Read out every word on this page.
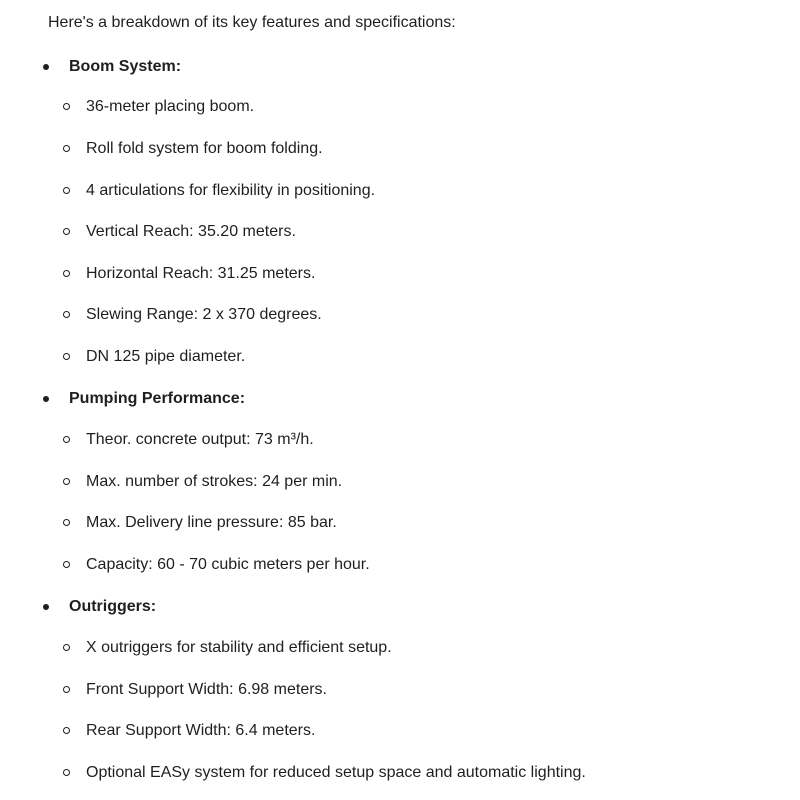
Here's a breakdown of its key features and specifications:
Boom System:
36-meter placing boom.
Roll fold system for boom folding.
4 articulations for flexibility in positioning.
Vertical Reach: 35.20 meters.
Horizontal Reach: 31.25 meters.
Slewing Range: 2 x 370 degrees.
DN 125 pipe diameter.
Pumping Performance:
Theor. concrete output: 73 m³/h.
Max. number of strokes: 24 per min.
Max. Delivery line pressure: 85 bar.
Capacity: 60 - 70 cubic meters per hour.
Outriggers:
X outriggers for stability and efficient setup.
Front Support Width: 6.98 meters.
Rear Support Width: 6.4 meters.
Optional EASy system for reduced setup space and automatic lighting.
